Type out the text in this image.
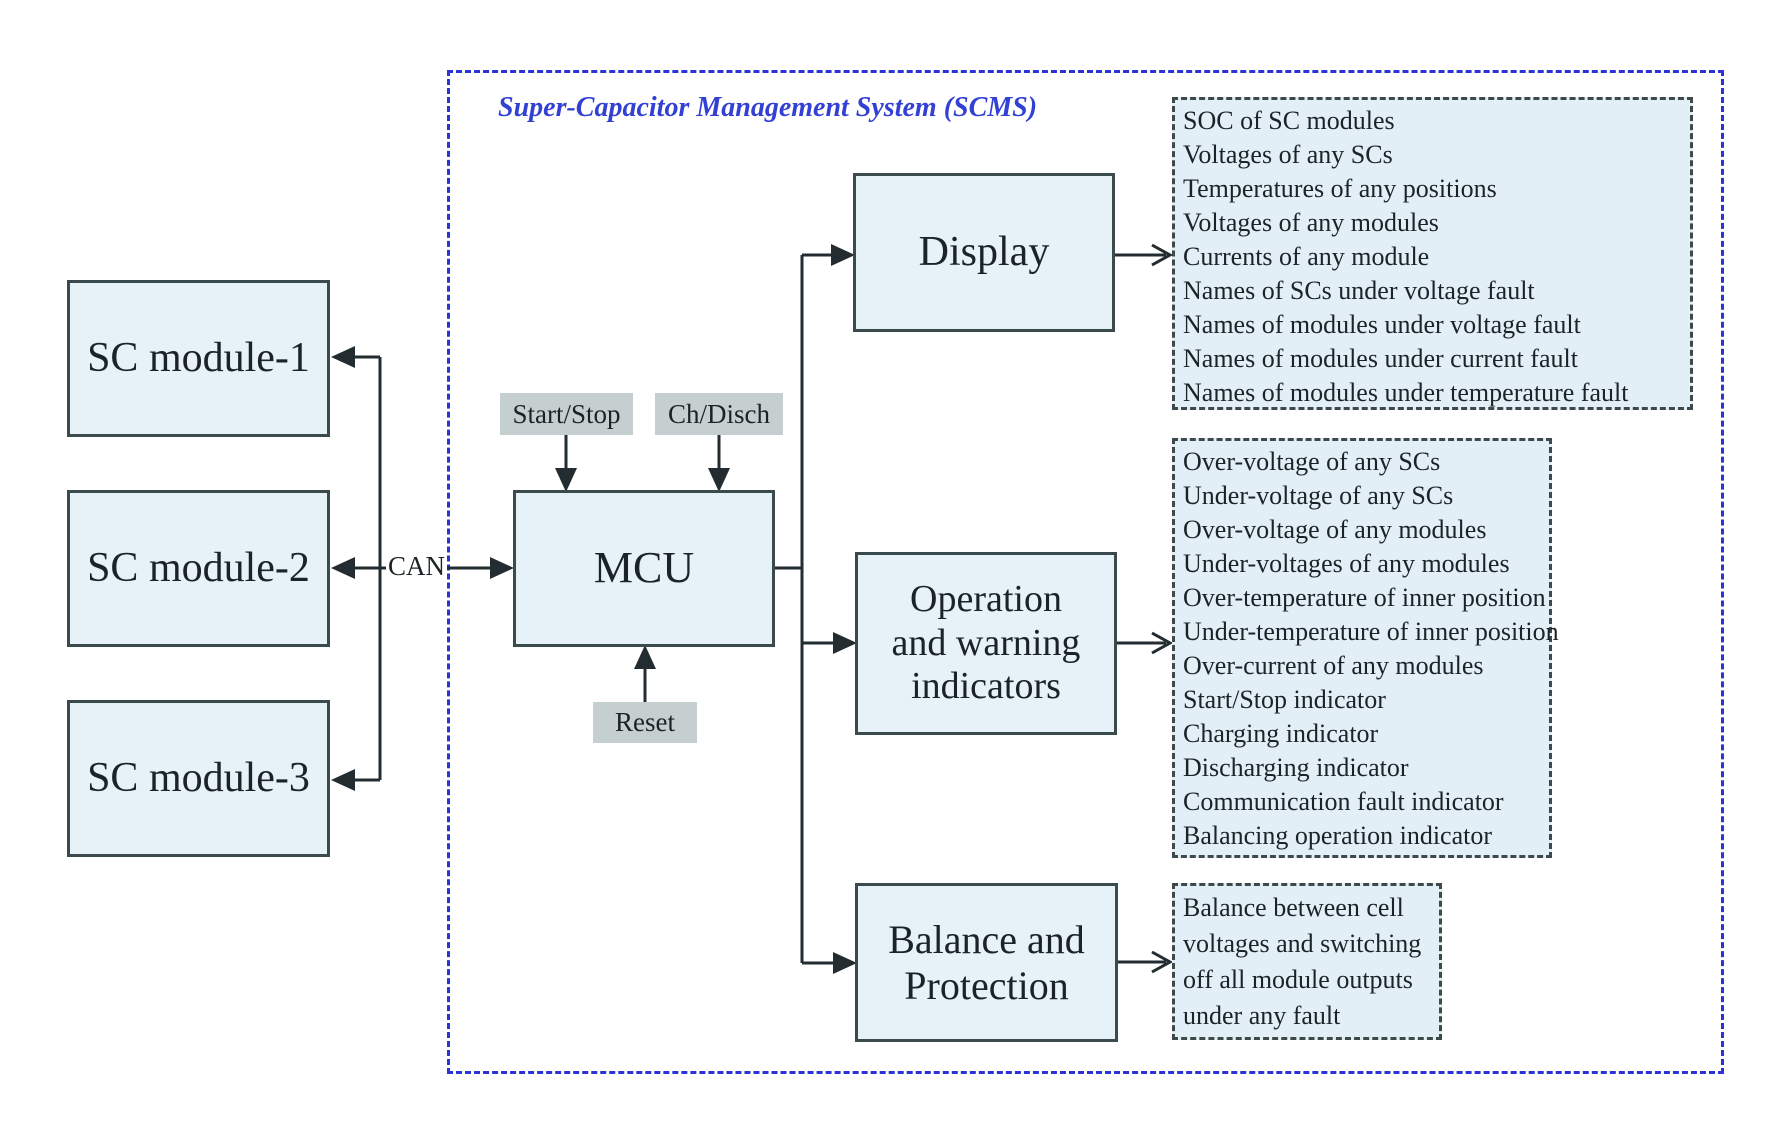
Super-Capacitor Management System (SCMS)
SC module-1
SC module-2
SC module-3
CAN
Start/Stop Ch/Disch
Reset
MCU
Display
Operation
and warning
indicators
Balance and
Protection
SOC of SC modules
Voltages of any SCs
Temperatures of any positions
Voltages of any modules
Currents of any module
Names of SCs under voltage fault
Names of modules under voltage fault
Names of modules under current fault
Names of modules under temperature fault
Over-voltage of any SCs
Under-voltage of any SCs
Over-voltage of any modules
Under-voltages of any modules
Over-temperature of inner position
Under-temperature of inner position
Over-current of any modules
Start/Stop indicator
Charging indicator
Discharging indicator
Communication fault indicator
Balancing operation indicator
Balance between cell
voltages and switching
off all module outputs
under any fault
